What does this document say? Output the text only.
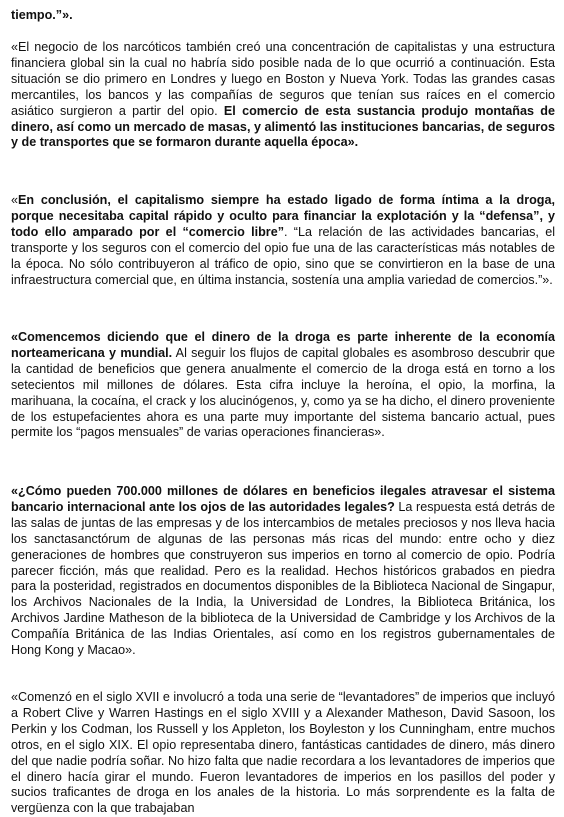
tiempo.”».

«El negocio de los narcóticos también creó una concentración de capitalistas y una estructura financiera global sin la cual no habría sido posible nada de lo que ocurrió a continuación. Esta situación se dio primero en Londres y luego en Boston y Nueva York. Todas las grandes casas mercantiles, los bancos y las compañías de seguros que tenían sus raíces en el comercio asiático surgieron a partir del opio. El comercio de esta sustancia produjo montañas de dinero, así como un mercado de masas, y alimentó las instituciones bancarias, de seguros y de transportes que se formaron durante aquella época».

«En conclusión, el capitalismo siempre ha estado ligado de forma íntima a la droga, porque necesitaba capital rápido y oculto para financiar la explotación y la “defensa”, y todo ello amparado por el “comercio libre”. “La relación de las actividades bancarias, el transporte y los seguros con el comercio del opio fue una de las características más notables de la época. No sólo contribuyeron al tráfico de opio, sino que se convirtieron en la base de una infraestructura comercial que, en última instancia, sostenía una amplia variedad de comercios.”».

«Comencemos diciendo que el dinero de la droga es parte inherente de la economía norteamericana y mundial. Al seguir los flujos de capital globales es asombroso descubrir que la cantidad de beneficios que genera anualmente el comercio de la droga está en torno a los setecientos mil millones de dólares. Esta cifra incluye la heroína, el opio, la morfina, la marihuana, la cocaína, el crack y los alucinógenos, y, como ya se ha dicho, el dinero proveniente de los estupefacientes ahora es una parte muy importante del sistema bancario actual, pues permite los “pagos mensuales” de varias operaciones financieras».

«¿Cómo pueden 700.000 millones de dólares en beneficios ilegales atravesar el sistema bancario internacional ante los ojos de las autoridades legales? La respuesta está detrás de las salas de juntas de las empresas y de los intercambios de metales preciosos y nos lleva hacia los sanctasanctórum de algunas de las personas más ricas del mundo: entre ocho y diez generaciones de hombres que construyeron sus imperios en torno al comercio de opio. Podría parecer ficción, más que realidad. Pero es la realidad. Hechos históricos grabados en piedra para la posteridad, registrados en documentos disponibles de la Biblioteca Nacional de Singapur, los Archivos Nacionales de la India, la Universidad de Londres, la Biblioteca Británica, los Archivos Jardine Matheson de la biblioteca de la Universidad de Cambridge y los Archivos de la Compañía Británica de las Indias Orientales, así como en los registros gubernamentales de Hong Kong y Macao».

«Comenzó en el siglo XVII e involucró a toda una serie de “levantadores” de imperios que incluyó a Robert Clive y Warren Hastings en el siglo XVIII y a Alexander Matheson, David Sasoon, los Perkin y los Codman, los Russell y los Appleton, los Boyleston y los Cunningham, entre muchos otros, en el siglo XIX. El opio representaba dinero, fantásticas cantidades de dinero, más dinero del que nadie podría soñar. No hizo falta que nadie recordara a los levantadores de imperios que el dinero hacía girar el mundo. Fueron levantadores de imperios en los pasillos del poder y sucios traficantes de droga en los anales de la historia. Lo más sorprendente es la falta de vergüenza con la que trabajaban
